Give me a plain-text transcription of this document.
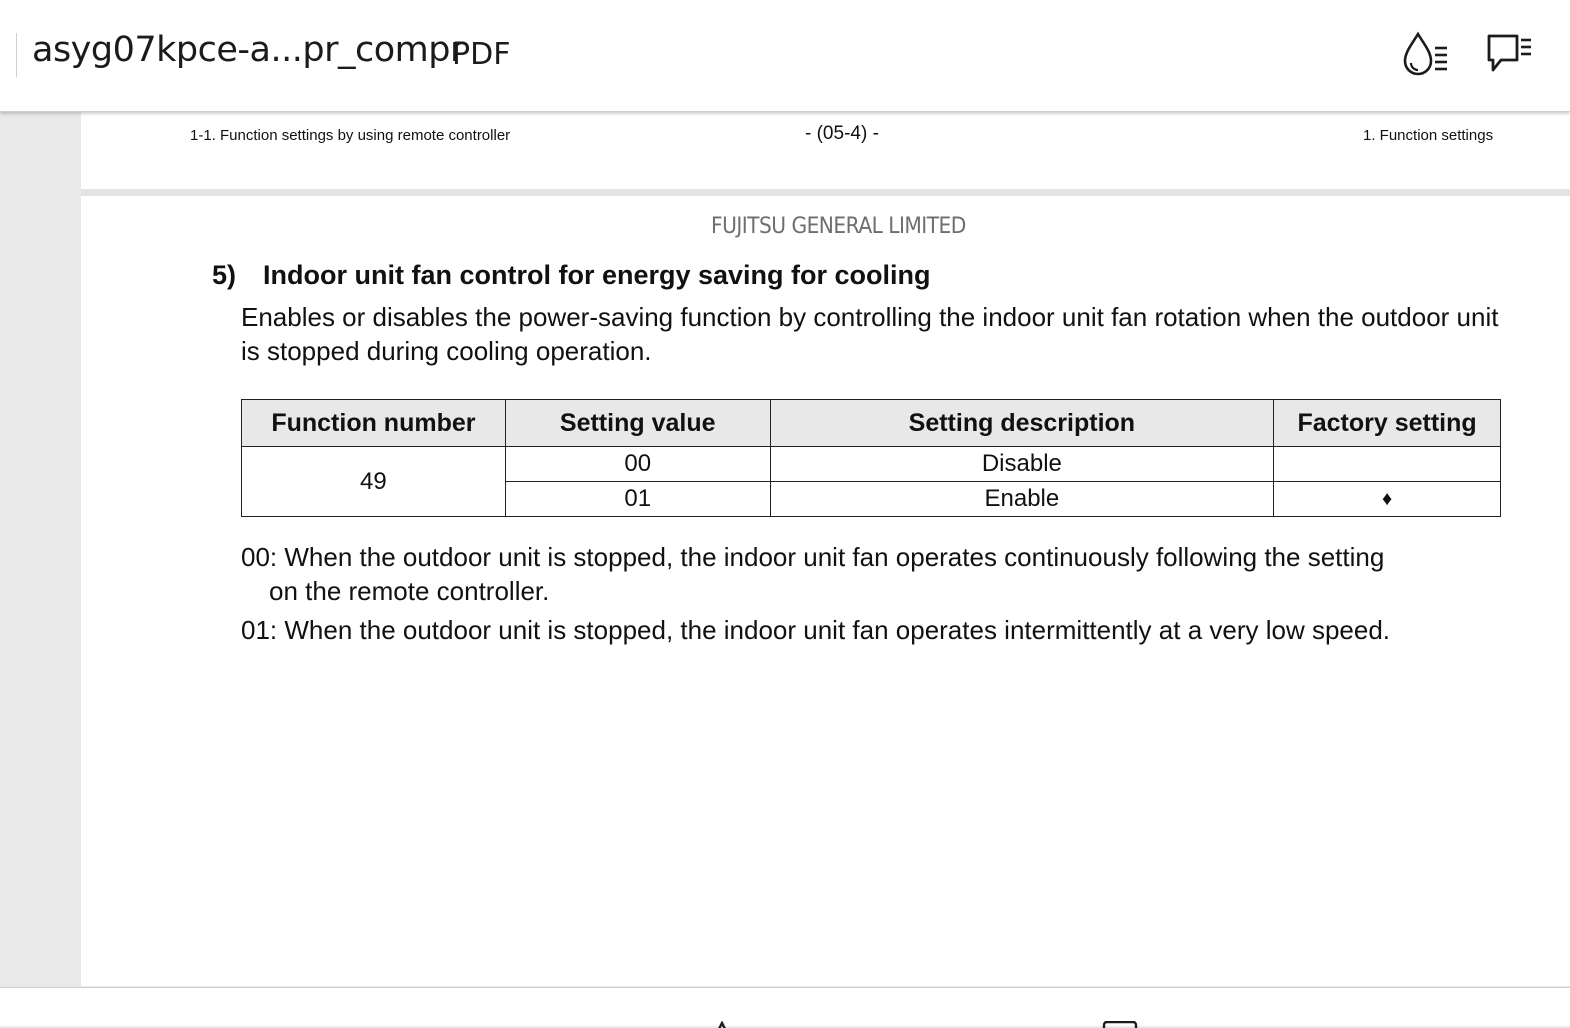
asyg07kpce-a...pr_compr
PDF
1-1. Function settings by using remote controller	- (05-4) -	1. Function settings
FUJITSU GENERAL LIMITED
5) Indoor unit fan control for energy saving for cooling
Enables or disables the power-saving function by controlling the indoor unit fan rotation when the outdoor unit is stopped during cooling operation.
Function number	Setting value	Setting description	Factory setting
49	00	Disable	
	01	Enable	♦
00: When the outdoor unit is stopped, the indoor unit fan operates continuously following the setting
on the remote controller.
01: When the outdoor unit is stopped, the indoor unit fan operates intermittently at a very low speed.
